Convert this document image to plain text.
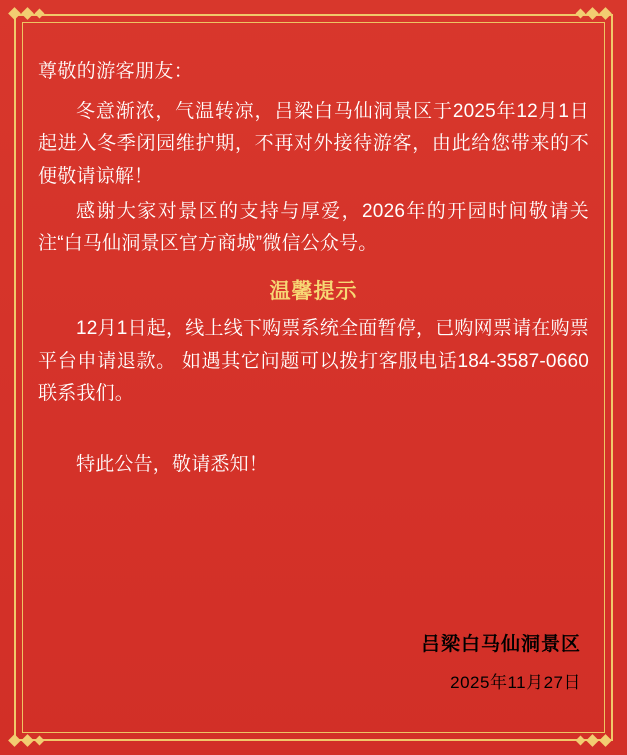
尊敬的游客朋友：

冬意渐浓，气温转凉，吕梁白马仙洞景区于2025年12月1日起进入冬季闭园维护期，不再对外接待游客，由此给您带来的不便敬请谅解！

感谢大家对景区的支持与厚爱，2026年的开园时间敬请关注“白马仙洞景区官方商城”微信公众号。

温馨提示

12月1日起，线上线下购票系统全面暂停，已购网票请在购票平台申请退款。 如遇其它问题可以拨打客服电话184-3587-0660联系我们。

特此公告，敬请悉知！

吕梁白马仙洞景区
2025年11月27日
